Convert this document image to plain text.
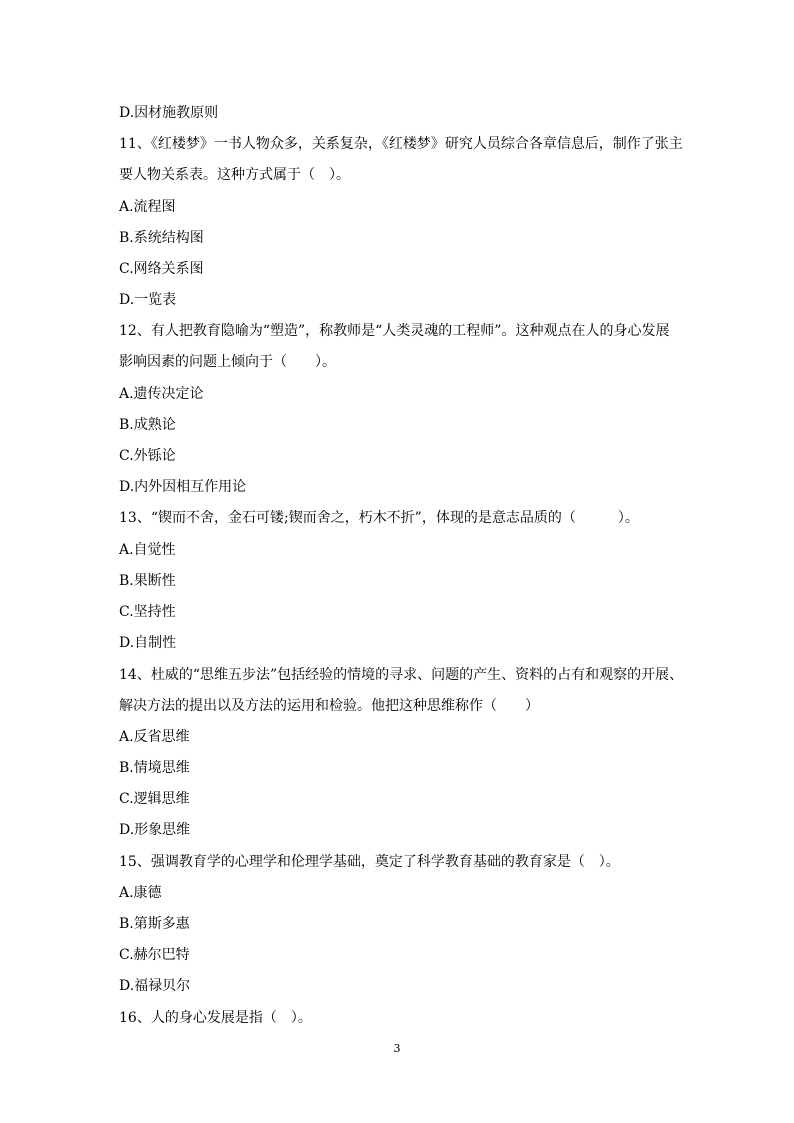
D.因材施教原则
11、《红楼梦》一书人物众多，关系复杂，《红楼梦》研究人员综合各章信息后，制作了张主
要人物关系表。这种方式属于（　）。
A.流程图
B.系统结构图
C.网络关系图
D.一览表
12、有人把教育隐喻为“塑造”，称教师是“人类灵魂的工程师”。这种观点在人的身心发展
影响因素的问题上倾向于（　　）。
A.遗传决定论
B.成熟论
C.外铄论
D.内外因相互作用论
13、“锲而不舍，金石可镂;锲而舍之，朽木不折”，体现的是意志品质的（　　　）。
A.自觉性
B.果断性
C.坚持性
D.自制性
14、杜威的“思维五步法”包括经验的情境的寻求、问题的产生、资料的占有和观察的开展、
解决方法的提出以及方法的运用和检验。他把这种思维称作（　　）
A.反省思维
B.情境思维
C.逻辑思维
D.形象思维
15、强调教育学的心理学和伦理学基础，奠定了科学教育基础的教育家是（　）。
A.康德
B.第斯多惠
C.赫尔巴特
D.福禄贝尔
16、人的身心发展是指（　）。
3
